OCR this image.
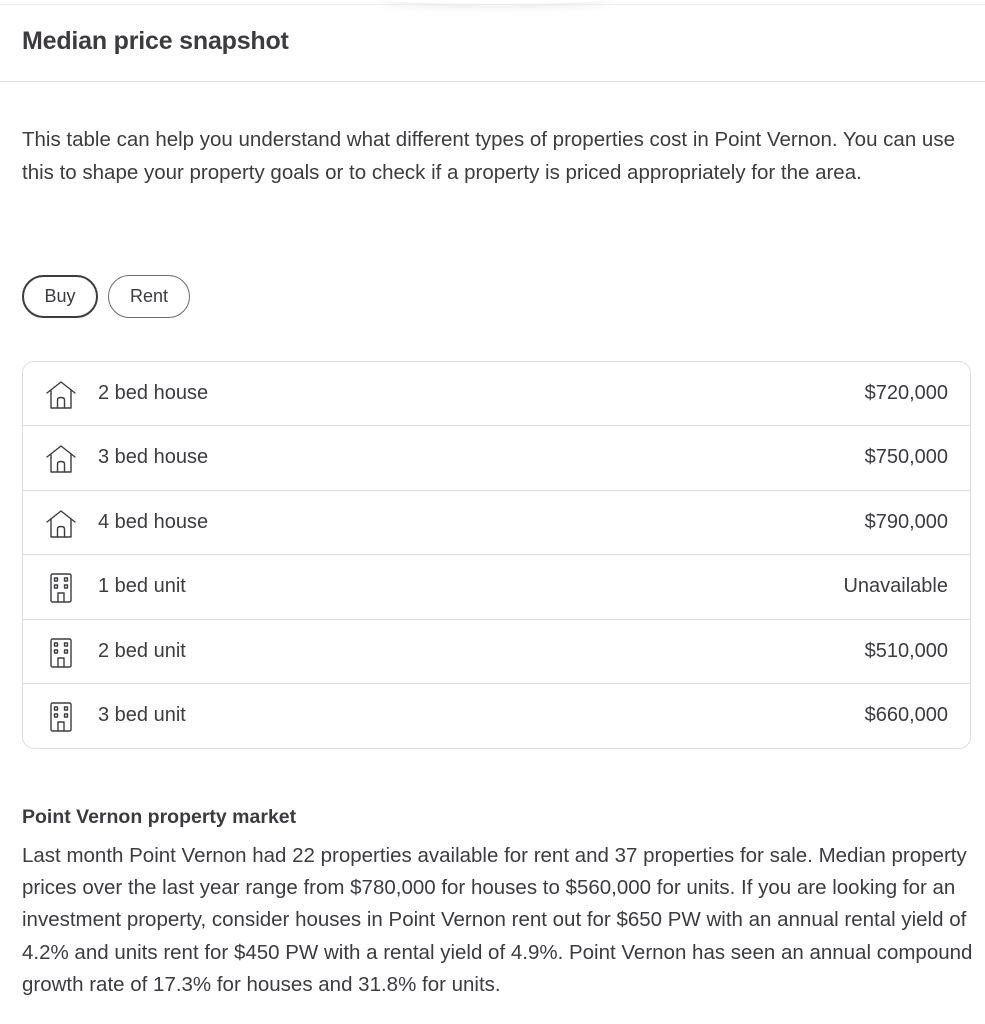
Median price snapshot

This table can help you understand what different types of properties cost in Point Vernon. You can use this to shape your property goals or to check if a property is priced appropriately for the area.

Buy	Rent
2 bed house	$720,000
3 bed house	$750,000
4 bed house	$790,000
1 bed unit	Unavailable
2 bed unit	$510,000
3 bed unit	$660,000
Point Vernon property market

Last month Point Vernon had 22 properties available for rent and 37 properties for sale. Median property prices over the last year range from $780,000 for houses to $560,000 for units. If you are looking for an investment property, consider houses in Point Vernon rent out for $650 PW with an annual rental yield of 4.2% and units rent for $450 PW with a rental yield of 4.9%. Point Vernon has seen an annual compound growth rate of 17.3% for houses and 31.8% for units.
